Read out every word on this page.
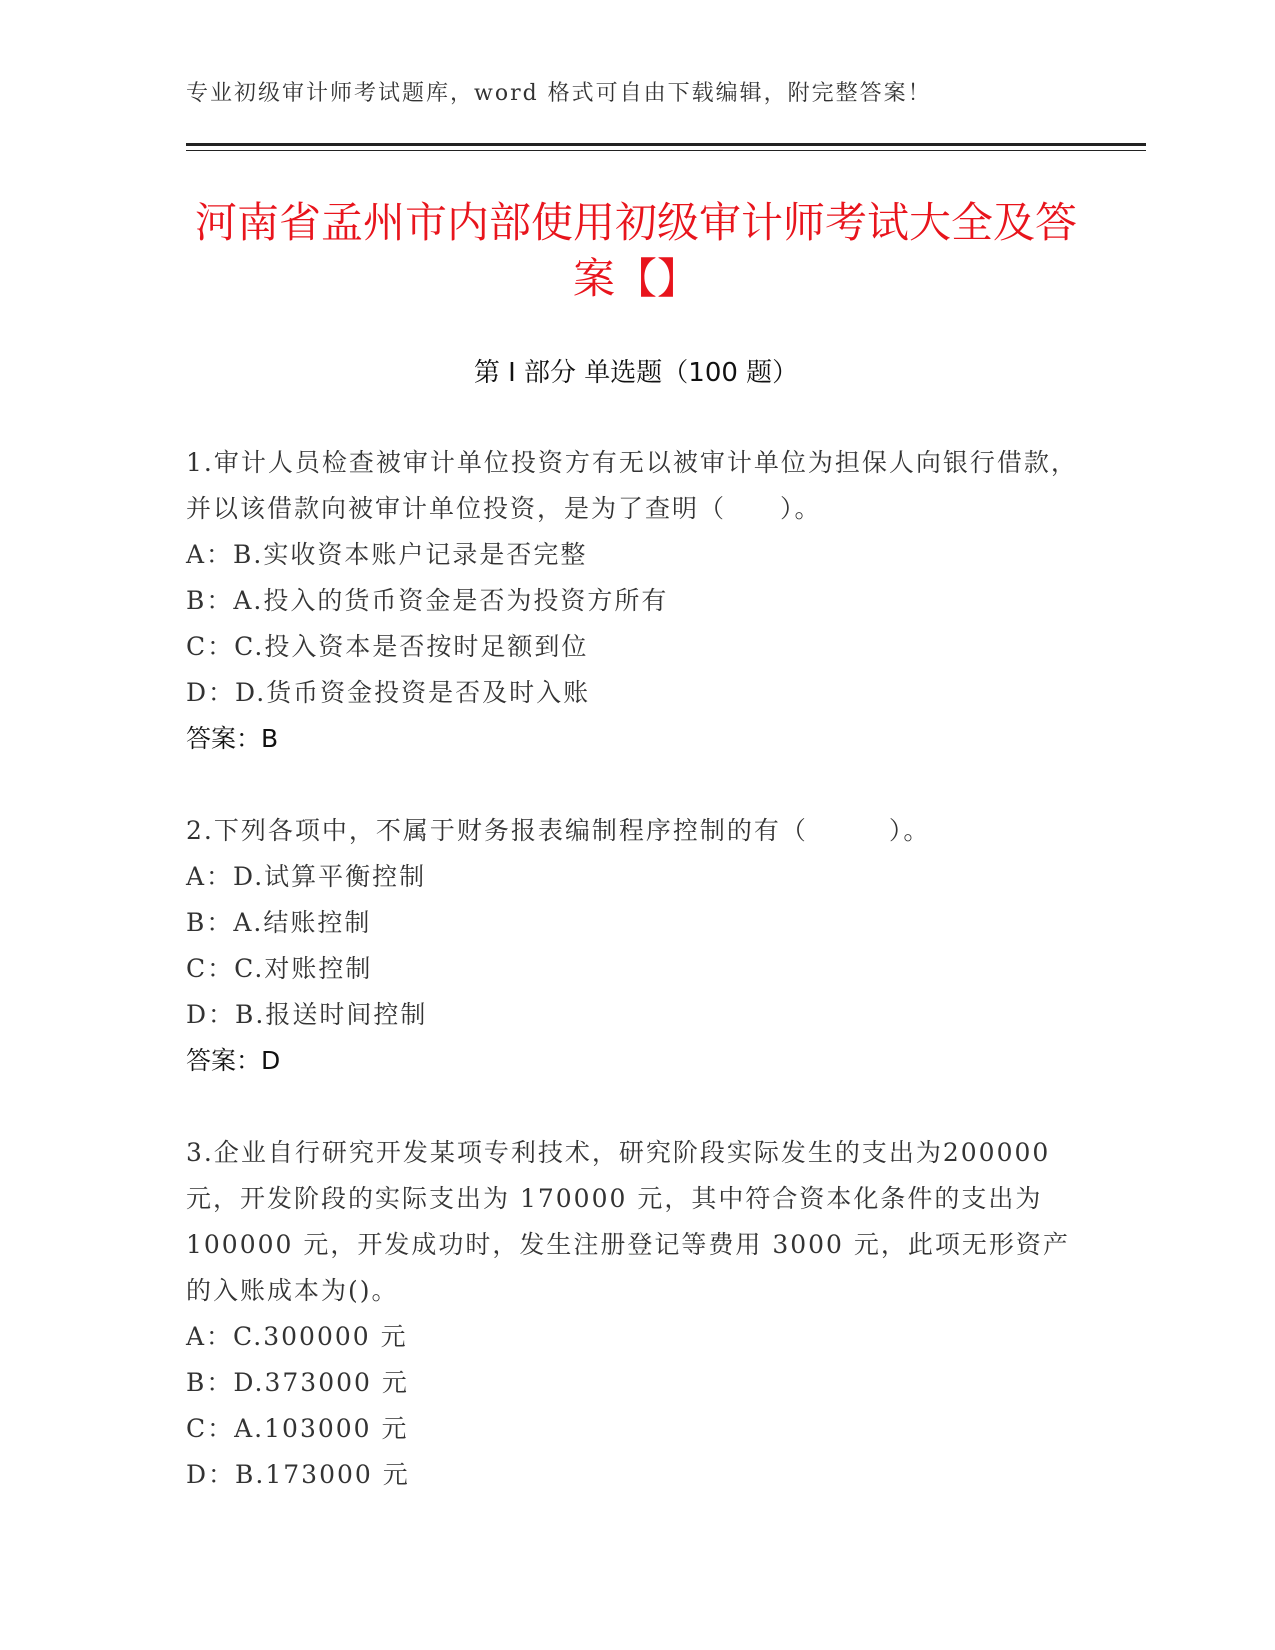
专业初级审计师考试题库，word 格式可自由下载编辑，附完整答案！
河南省孟州市内部使用初级审计师考试大全及答案【】
第 I 部分 单选题（100 题）

1.审计人员检查被审计单位投资方有无以被审计单位为担保人向银行借款，并以该借款向被审计单位投资，是为了查明（　　）。

A：B.实收资本账户记录是否完整
B：A.投入的货币资金是否为投资方所有
C：C.投入资本是否按时足额到位
D：D.货币资金投资是否及时入账
答案：B

2.下列各项中，不属于财务报表编制程序控制的有（　　　）。

A：D.试算平衡控制
B：A.结账控制
C：C.对账控制
D：B.报送时间控制
答案：D

3.企业自行研究开发某项专利技术，研究阶段实际发生的支出为200000 元，开发阶段的实际支出为 170000 元，其中符合资本化条件的支出为 100000 元，开发成功时，发生注册登记等费用 3000 元，此项无形资产的入账成本为()。

A：C.300000 元
B：D.373000 元
C：A.103000 元
D：B.173000 元
